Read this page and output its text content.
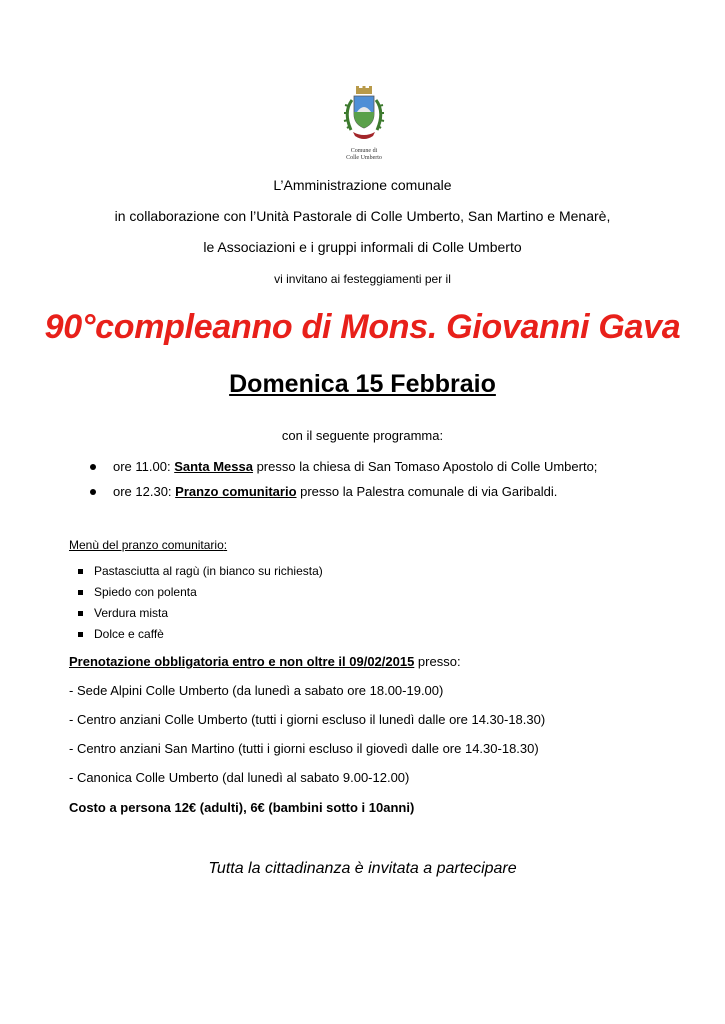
Comune di
Colle Umberto
L’Amministrazione comunale
in collaborazione con l’Unità Pastorale di Colle Umberto, San Martino e Menarè,
le Associazioni e i gruppi informali di Colle Umberto
vi invitano ai festeggiamenti per il
90°compleanno di Mons. Giovanni Gava
Domenica 15 Febbraio
con il seguente programma:
ore 11.00: Santa Messa presso la chiesa di San Tomaso Apostolo di Colle Umberto;
ore 12.30: Pranzo comunitario presso la Palestra comunale di via Garibaldi.
Menù del pranzo comunitario:
Pastasciutta al ragù (in bianco su richiesta)
Spiedo con polenta
Verdura mista
Dolce e caffè
Prenotazione obbligatoria entro e non oltre il 09/02/2015 presso:
- Sede Alpini Colle Umberto (da lunedì a sabato ore 18.00-19.00)
- Centro anziani Colle Umberto (tutti i giorni escluso il lunedì dalle ore 14.30-18.30)
- Centro anziani San Martino (tutti i giorni escluso il giovedì dalle ore 14.30-18.30)
- Canonica Colle Umberto (dal lunedì al sabato 9.00-12.00)
Costo a persona 12€ (adulti), 6€ (bambini sotto i 10anni)
Tutta la cittadinanza è invitata a partecipare
